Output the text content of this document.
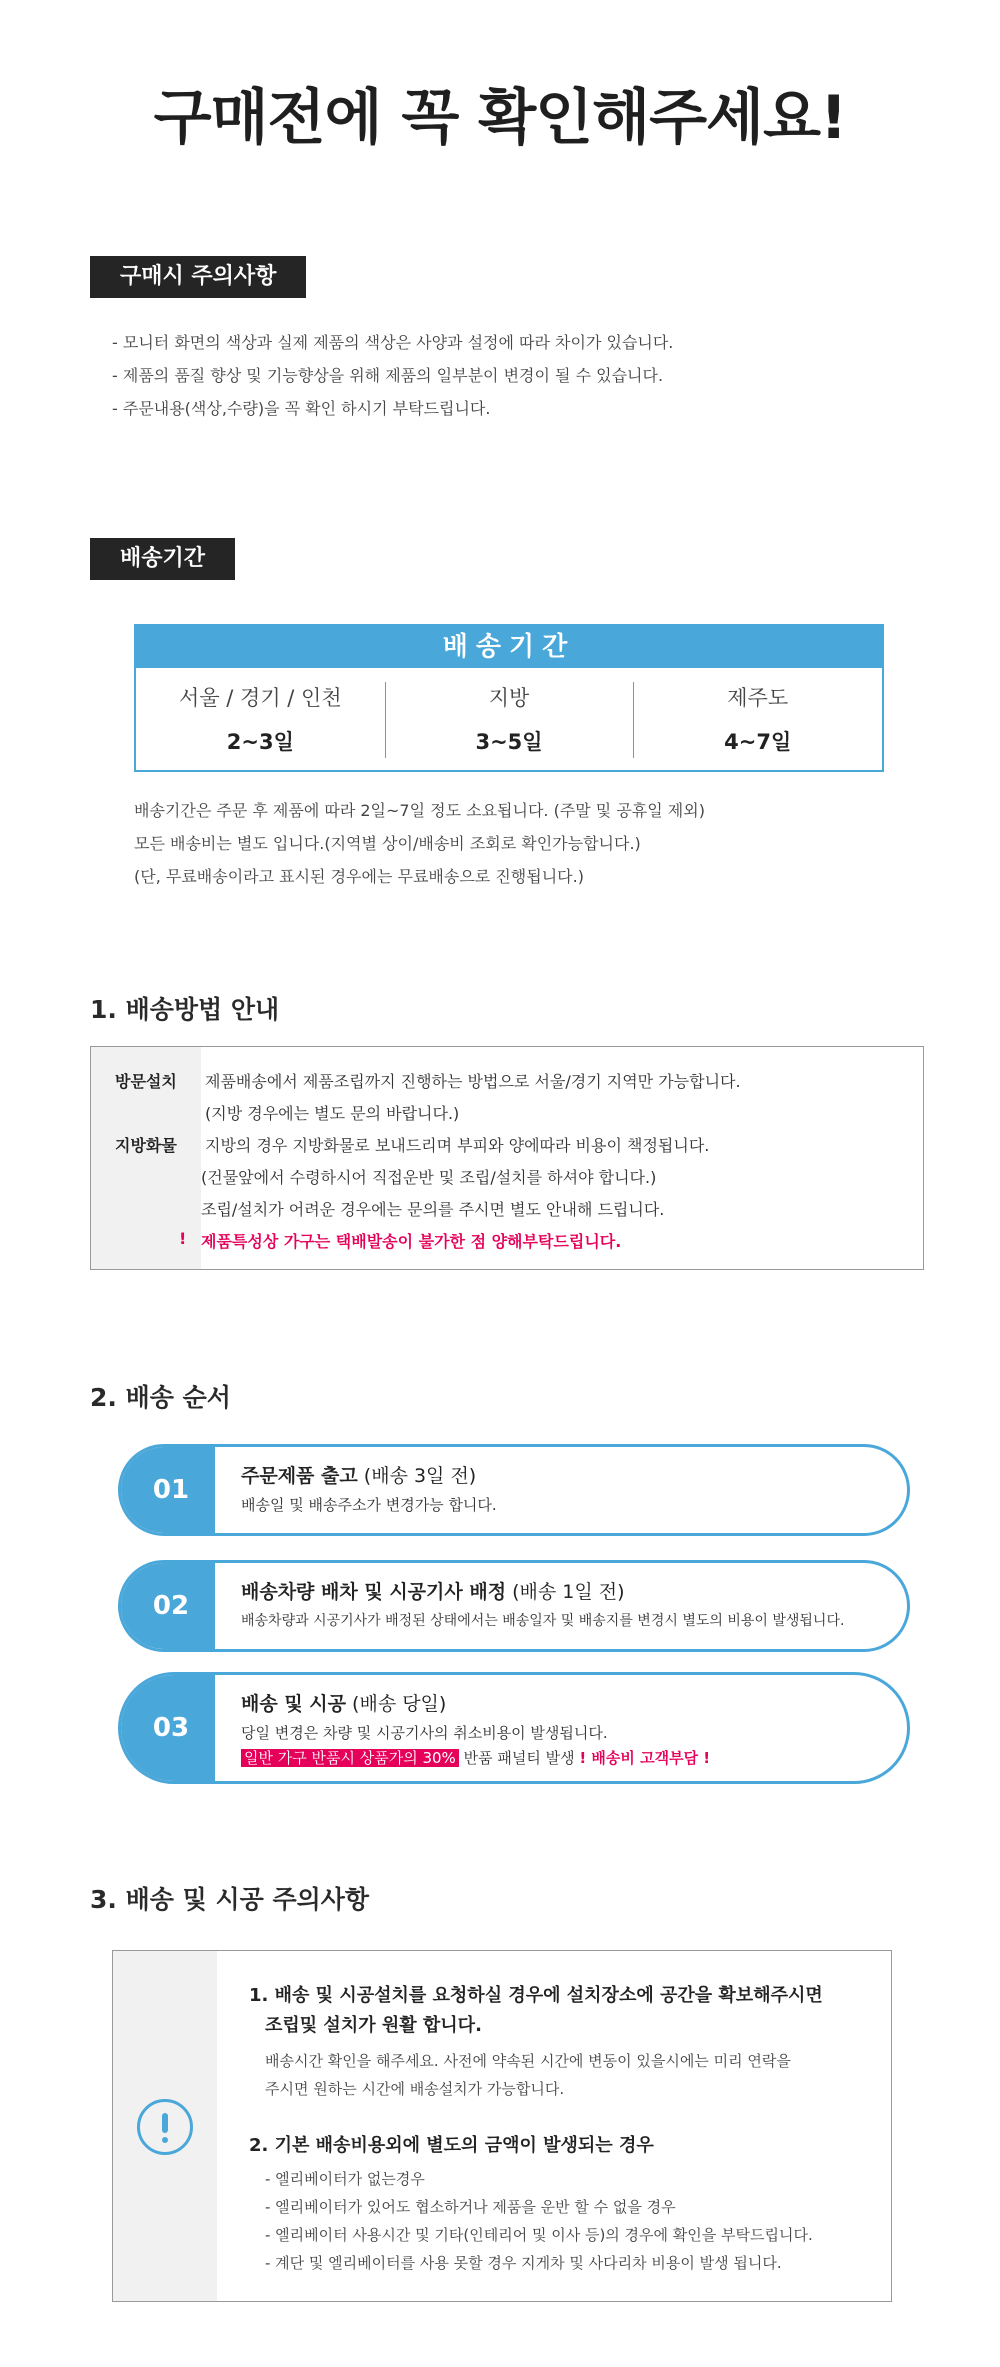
구매전에 꼭 확인해주세요!
구매시 주의사항
- 모니터 화면의 색상과 실제 제품의 색상은 사양과 설정에 따라 차이가 있습니다.
- 제품의 품질 향상 및 기능향상을 위해 제품의 일부분이 변경이 될 수 있습니다.
- 주문내용(색상,수량)을 꼭 확인 하시기 부탁드립니다.
배송기간
배송기간
서울 / 경기 / 인천
2~3일
지방
3~5일
제주도
4~7일
배송기간은 주문 후 제품에 따라 2일~7일 정도 소요됩니다. (주말 및 공휴일 제외)
모든 배송비는 별도 입니다.(지역별 상이/배송비 조회로 확인가능합니다.)
(단, 무료배송이라고 표시된 경우에는 무료배송으로 진행됩니다.)
1. 배송방법 안내
방문설치 제품배송에서 제품조립까지 진행하는 방법으로 서울/경기 지역만 가능합니다.
(지방 경우에는 별도 문의 바랍니다.)
지방화물 지방의 경우 지방화물로 보내드리며 부피와 양에따라 비용이 책정됩니다.
(건물앞에서 수령하시어 직접운반 및 조립/설치를 하셔야 합니다.)
조립/설치가 어려운 경우에는 문의를 주시면 별도 안내해 드립니다.
! 제품특성상 가구는 택배발송이 불가한 점 양해부탁드립니다.
2. 배송 순서
01	주문제품 출고 (배송 3일 전)
배송일 및 배송주소가 변경가능 합니다.
02	배송차량 배차 및 시공기사 배정 (배송 1일 전)
배송차량과 시공기사가 배정된 상태에서는 배송일자 및 배송지를 변경시 별도의 비용이 발생됩니다.
03
배송 및 시공 (배송 당일)
당일 변경은 차량 및 시공기사의 취소비용이 발생됩니다.
일반 가구 반품시 상품가의 30% 반품 패널티 발생 ! 배송비 고객부담 !
3. 배송 및 시공 주의사항
1. 배송 및 시공설치를 요청하실 경우에 설치장소에 공간을 확보해주시면
조립및 설치가 원활 합니다.
배송시간 확인을 해주세요. 사전에 약속된 시간에 변동이 있을시에는 미리 연락을
주시면 원하는 시간에 배송설치가 가능합니다.
2. 기본 배송비용외에 별도의 금액이 발생되는 경우
- 엘리베이터가 없는경우
- 엘리베이터가 있어도 협소하거나 제품을 운반 할 수 없을 경우
- 엘리베이터 사용시간 및 기타(인테리어 및 이사 등)의 경우에 확인을 부탁드립니다.
- 계단 및 엘리베이터를 사용 못할 경우 지게차 및 사다리차 비용이 발생 됩니다.
